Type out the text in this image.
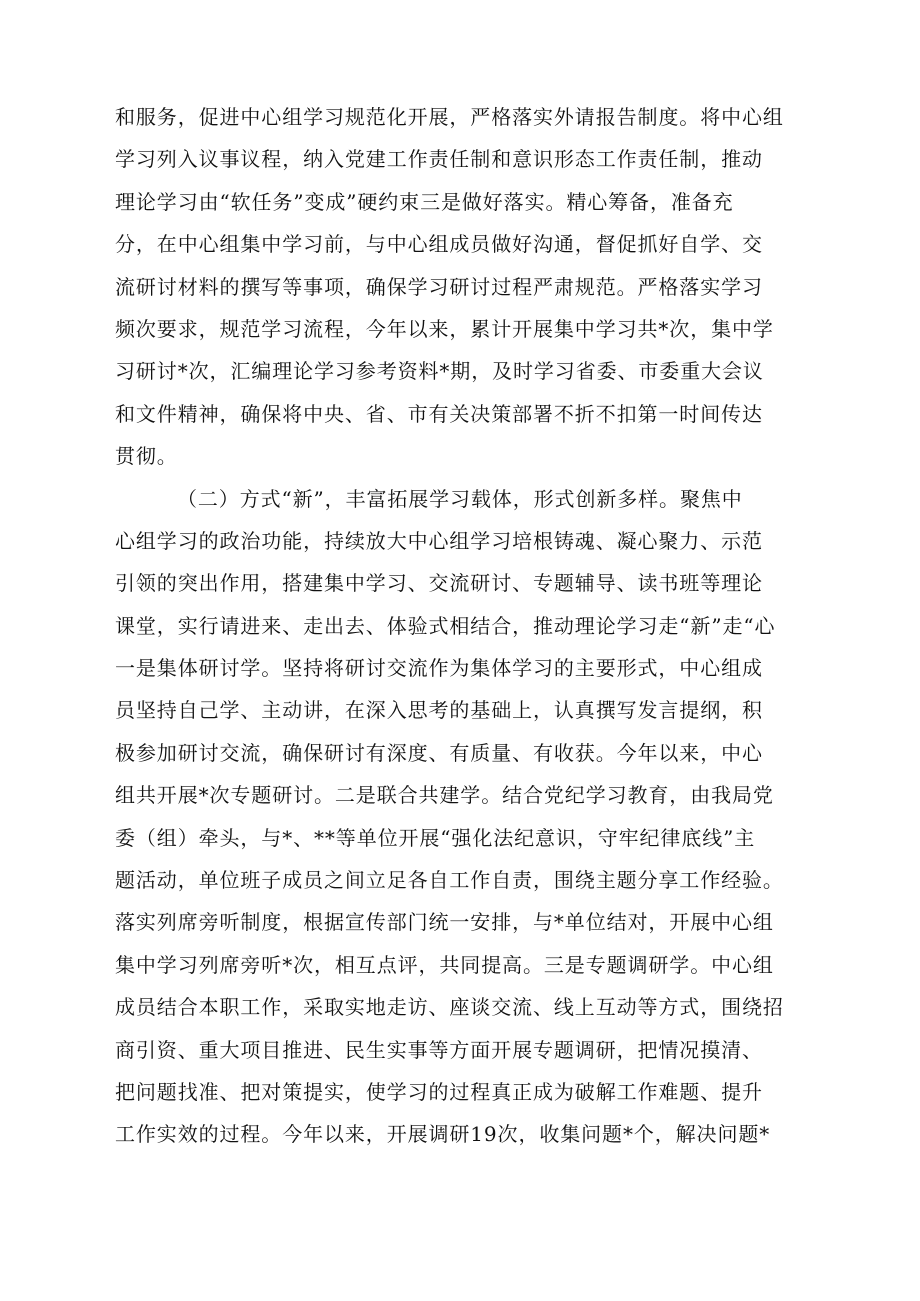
和服务，促进中心组学习规范化开展，严格落实外请报告制度。将中心组
学习列入议事议程，纳入党建工作责任制和意识形态工作责任制，推动
理论学习由“软任务”变成”硬约束三是做好落实。精心筹备，准备充
分，在中心组集中学习前，与中心组成员做好沟通，督促抓好自学、交
流研讨材料的撰写等事项，确保学习研讨过程严肃规范。严格落实学习
频次要求，规范学习流程，今年以来，累计开展集中学习共*次，集中学
习研讨*次，汇编理论学习参考资料*期，及时学习省委、市委重大会议
和文件精神，确保将中央、省、市有关决策部署不折不扣第一时间传达
贯彻。
（二）方式“新”，丰富拓展学习载体，形式创新多样。聚焦中
心组学习的政治功能，持续放大中心组学习培根铸魂、凝心聚力、示范
引领的突出作用，搭建集中学习、交流研讨、专题辅导、读书班等理论
课堂，实行请进来、走出去、体验式相结合，推动理论学习走“新”走“心
一是集体研讨学。坚持将研讨交流作为集体学习的主要形式，中心组成
员坚持自己学、主动讲，在深入思考的基础上，认真撰写发言提纲，积
极参加研讨交流，确保研讨有深度、有质量、有收获。今年以来，中心
组共开展*次专题研讨。二是联合共建学。结合党纪学习教育，由我局党
委（组）牵头，与*、**等单位开展“强化法纪意识，守牢纪律底线”主
题活动，单位班子成员之间立足各自工作自责，围绕主题分享工作经验。
落实列席旁听制度，根据宣传部门统一安排，与*单位结对，开展中心组
集中学习列席旁听*次，相互点评，共同提高。三是专题调研学。中心组
成员结合本职工作，采取实地走访、座谈交流、线上互动等方式，围绕招
商引资、重大项目推进、民生实事等方面开展专题调研，把情况摸清、
把问题找准、把对策提实，使学习的过程真正成为破解工作难题、提升
工作实效的过程。今年以来，开展调研19次，收集问题*个，解决问题*
